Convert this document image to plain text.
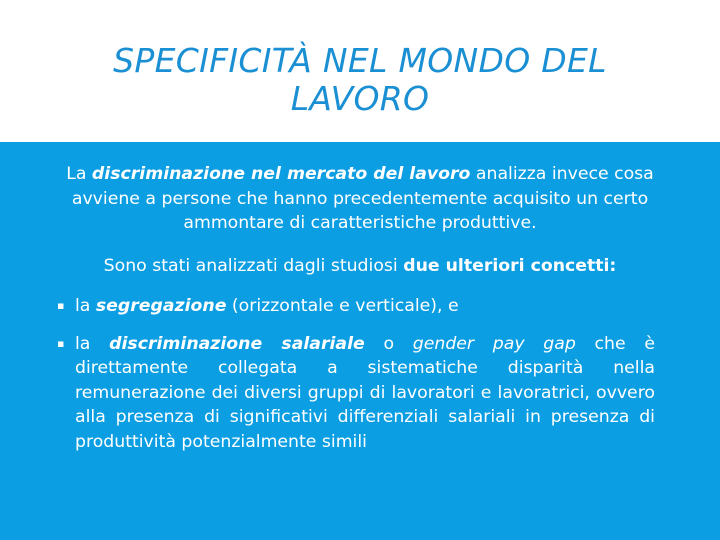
SPECIFICITÀ NEL MONDO DEL LAVORO

La discriminazione nel mercato del lavoro analizza invece cosa avviene a persone che hanno precedentemente acquisito un certo ammontare di caratteristiche produttive.

Sono stati analizzati dagli studiosi due ulteriori concetti:

▪ la segregazione (orizzontale e verticale), e
▪ la discriminazione salariale o gender pay gap che è direttamente collegata a sistematiche disparità nella remunerazione dei diversi gruppi di lavoratori e lavoratrici, ovvero alla presenza di significativi differenziali salariali in presenza di produttività potenzialmente simili
